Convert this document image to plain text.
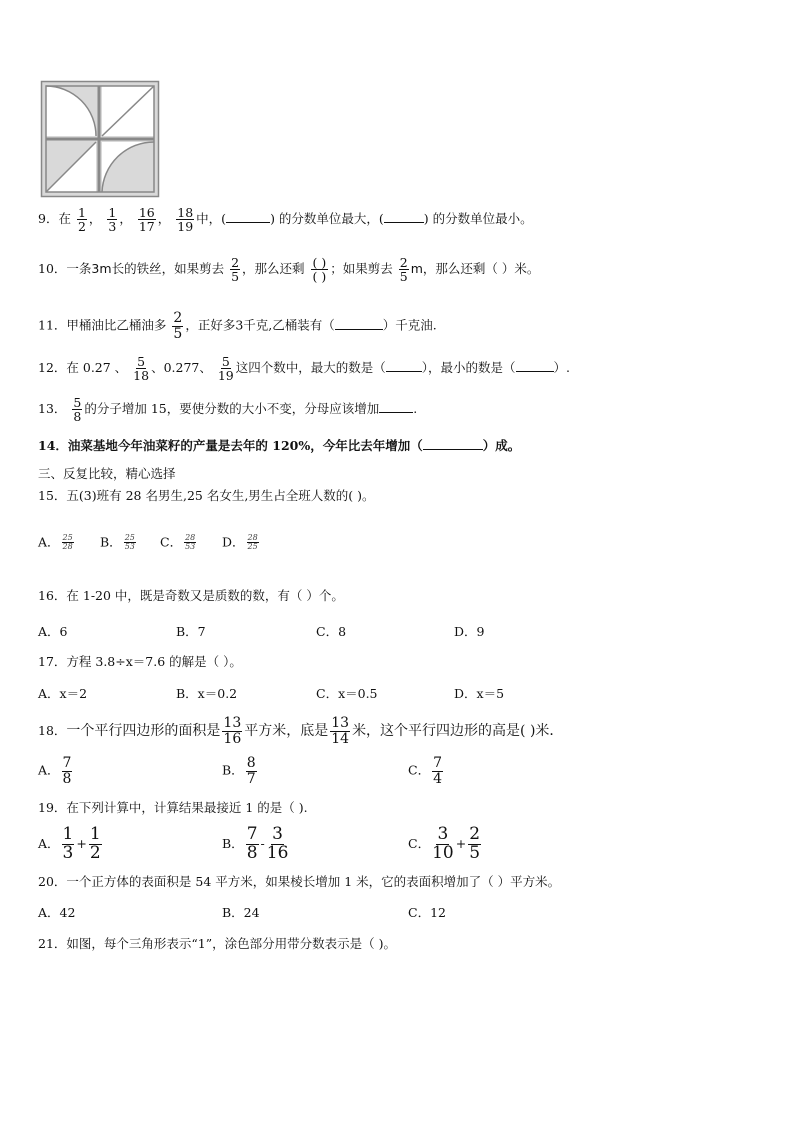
9．在 $\frac{1}{2}$ ， $\frac{1}{3}$ ， $\frac{16}{17}$ ， $\frac{18}{19}$ 中，(	) 的分数单位最大，(	) 的分数单位最小。
10．一条3m长的铁丝，如果剪去 $\frac{2}{5}$ ，那么还剩 ( )
( )
；如果剪去 $\frac{2}{5}$ m，那么还剩（ ）米。
11．甲桶油比乙桶油多 $\frac{2}{5}$ ，正好多3千克,乙桶装有（	）千克油.
12．在 0.27 、 $\frac{5}{18}$ 、0.277、 $\frac{5}{19}$ 这四个数中，最大的数是（	），最小的数是（	）.
13． $\frac{5}{8}$ 的分子增加 15，要使分数的大小不变，分母应该增加	.
14．油菜基地今年油菜籽的产量是去年的 120%，今年比去年增加（	）成。
三、反复比较，精心选择
15．五(3)班有 28 名男生,25 名女生,男生占全班人数的( )。
A． $\frac{25}{28}$ B． $\frac{25}{53}$ C． $\frac{28}{53}$ D． $\frac{28}{25}$
16．在 1-20 中，既是奇数又是质数的数，有（ ）个。
A．6	B．7	C．8	D．9
17．方程 3.8÷x＝7.6 的解是（ ）。
A．x＝2	B．x＝0.2	C．x＝0.5	D．x＝5
18．一个平行四边形的面积是 $\frac{13}{16}$ 平方米，底是 $\frac{13}{14}$ 米，这个平行四边形的高是( )米．
A． $\frac{7}{8}$	B． $\frac{8}{7}$	C． $\frac{7}{4}$
19．在下列计算中，计算结果最接近 1 的是（ ).
A． $\frac{1}{3} + \frac{1}{2}$	B． $\frac{7}{8} - \frac{3}{16}$	C． $\frac{3}{10} + \frac{2}{5}$
20．一个正方体的表面积是 54 平方米，如果棱长增加 1 米，它的表面积增加了（ ）平方米。
A．42	B．24	C．12
21．如图，每个三角形表示“1”，涂色部分用带分数表示是（ )。
